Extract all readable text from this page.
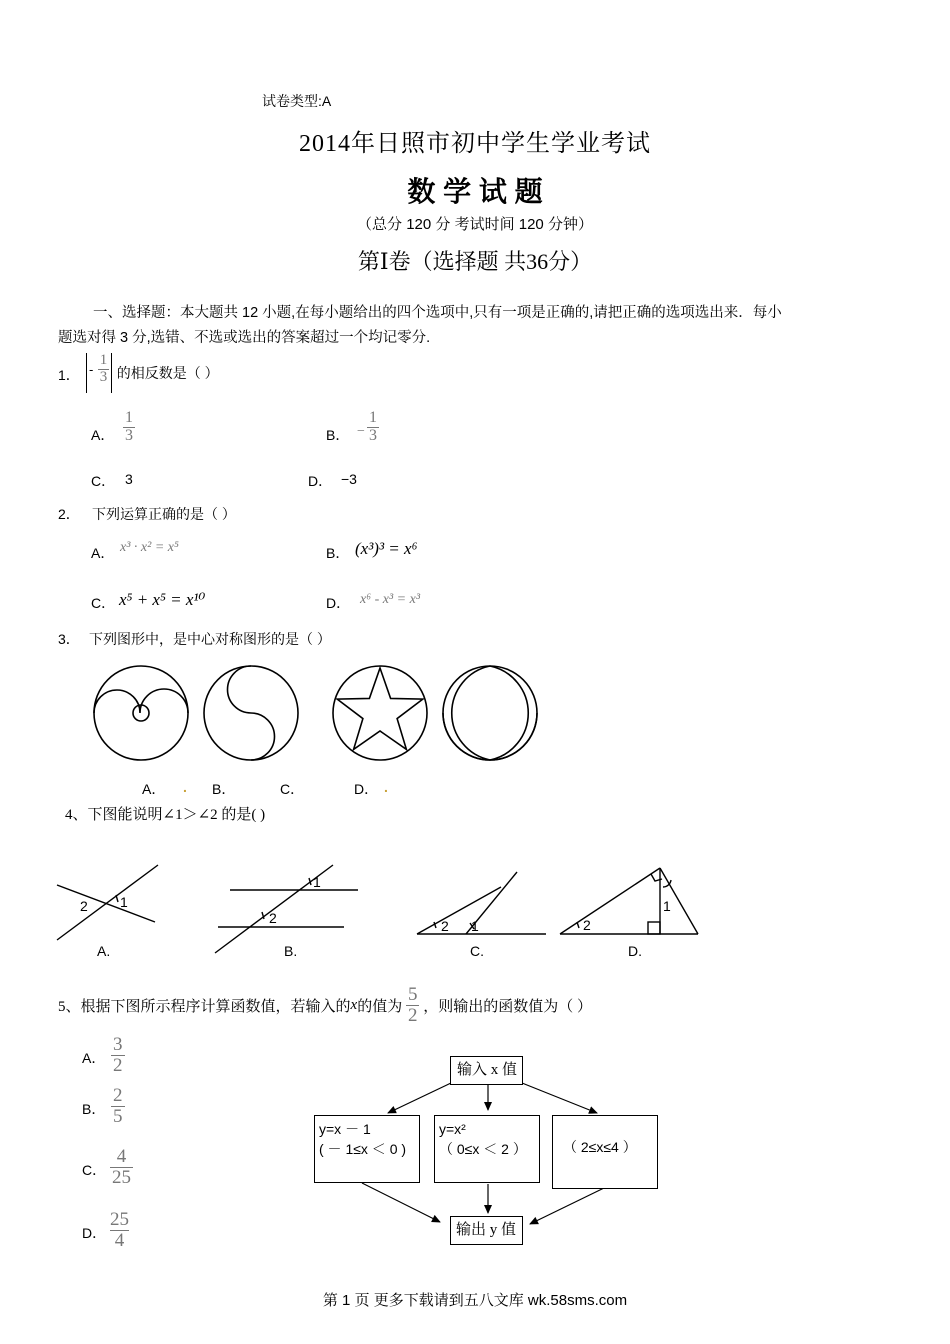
试卷类型:A
2014年日照市初中学生学业考试
数 学 试 题
（总分 120 分 考试时间 120 分钟）
第Ⅰ卷（选择题 共36分）
一、选择题：本大题共 12 小题,在每小题给出的四个选项中,只有一项是正确的,请把正确的选项选出来．每小
题选对得 3 分,选错、不选或选出的答案超过一个均记零分.
1． - $\frac{1}{3}$ 的相反数是（ ）
A． $\frac{1}{3}$	B． − $\frac{1}{3}$
C． 3	D． −3
2． 下列运算正确的是（ ）
A． x³ · x² = x⁵	B． (x³)³ = x⁶
C． x⁵ + x⁵ = x¹⁰	D． x⁶ - x³ = x³
3． 下列图形中，是中心对称图形的是（ ）
A． . B．	C．	D． .
4、下图能说明∠1＞∠2 的是( )
2 1
1
2	2 1	2
1
A.	B.	C.	D.
5、根据下图所示程序计算函数值，若输入的x的值为 $\frac{5}{2}$ ，则输出的函数值为（ ）
A． $\frac{3}{2}$
B． $\frac{2}{5}$
C． $\frac{4}{25}$
D． $\frac{25}{4}$
输入 x 值
y=x － 1
( － 1≤x ＜ 0 )
y=x²
（ 0≤x ＜ 2 ）	（ 2≤x≤4 ）
输出 y 值
第 1 页 更多下载请到五八文库 wk.58sms.com
